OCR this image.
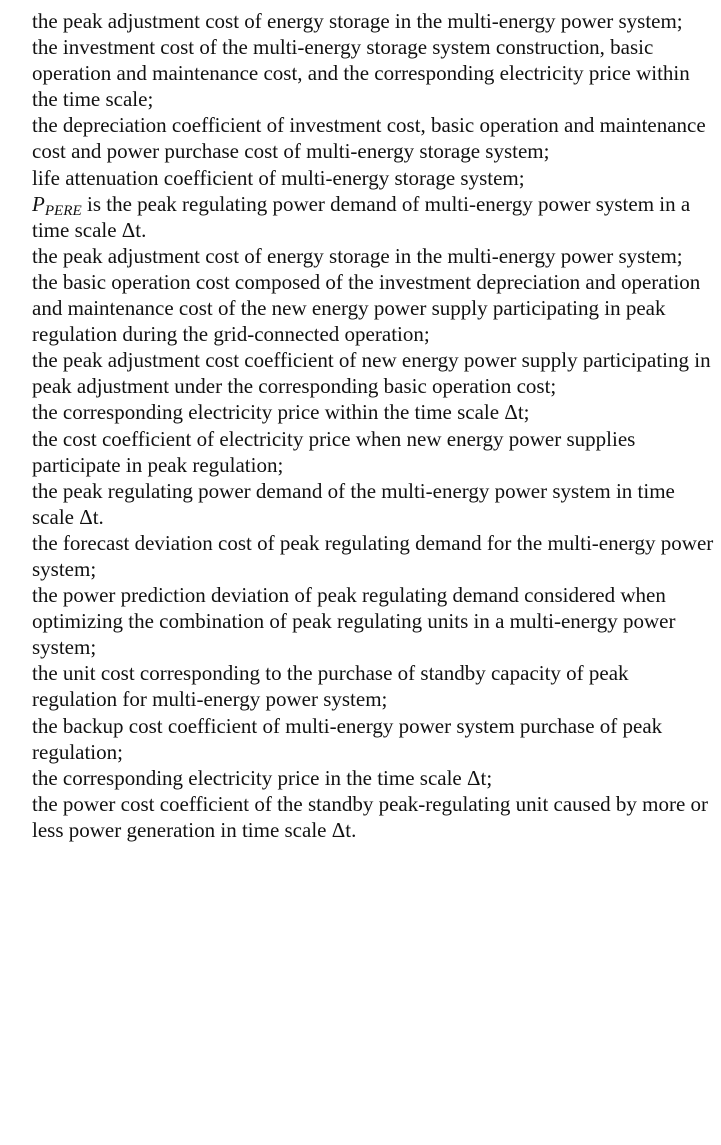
the peak adjustment cost of energy storage in the multi-energy power system;

the investment cost of the multi-energy storage system construction, basic operation and maintenance cost, and the corresponding electricity price within the time scale;

the depreciation coefficient of investment cost, basic operation and maintenance cost and power purchase cost of multi-energy storage system;

life attenuation coefficient of multi-energy storage system;

$P_{PERE}$ is the peak regulating power demand of multi-energy power system in a time scale Δt.

the peak adjustment cost of energy storage in the multi-energy power system;

the basic operation cost composed of the investment depreciation and operation and maintenance cost of the new energy power supply participating in peak regulation during the grid-connected operation;

the peak adjustment cost coefficient of new energy power supply participating in peak adjustment under the corresponding basic operation cost;

the corresponding electricity price within the time scale Δt;

the cost coefficient of electricity price when new energy power supplies participate in peak regulation;

the peak regulating power demand of the multi-energy power system in time scale Δt.

the forecast deviation cost of peak regulating demand for the multi-energy power system;

the power prediction deviation of peak regulating demand considered when optimizing the combination of peak regulating units in a multi-energy power system;

the unit cost corresponding to the purchase of standby capacity of peak regulation for multi-energy power system;

the backup cost coefficient of multi-energy power system purchase of peak regulation;

the corresponding electricity price in the time scale Δt;

the power cost coefficient of the standby peak-regulating unit caused by more or less power generation in time scale Δt.
